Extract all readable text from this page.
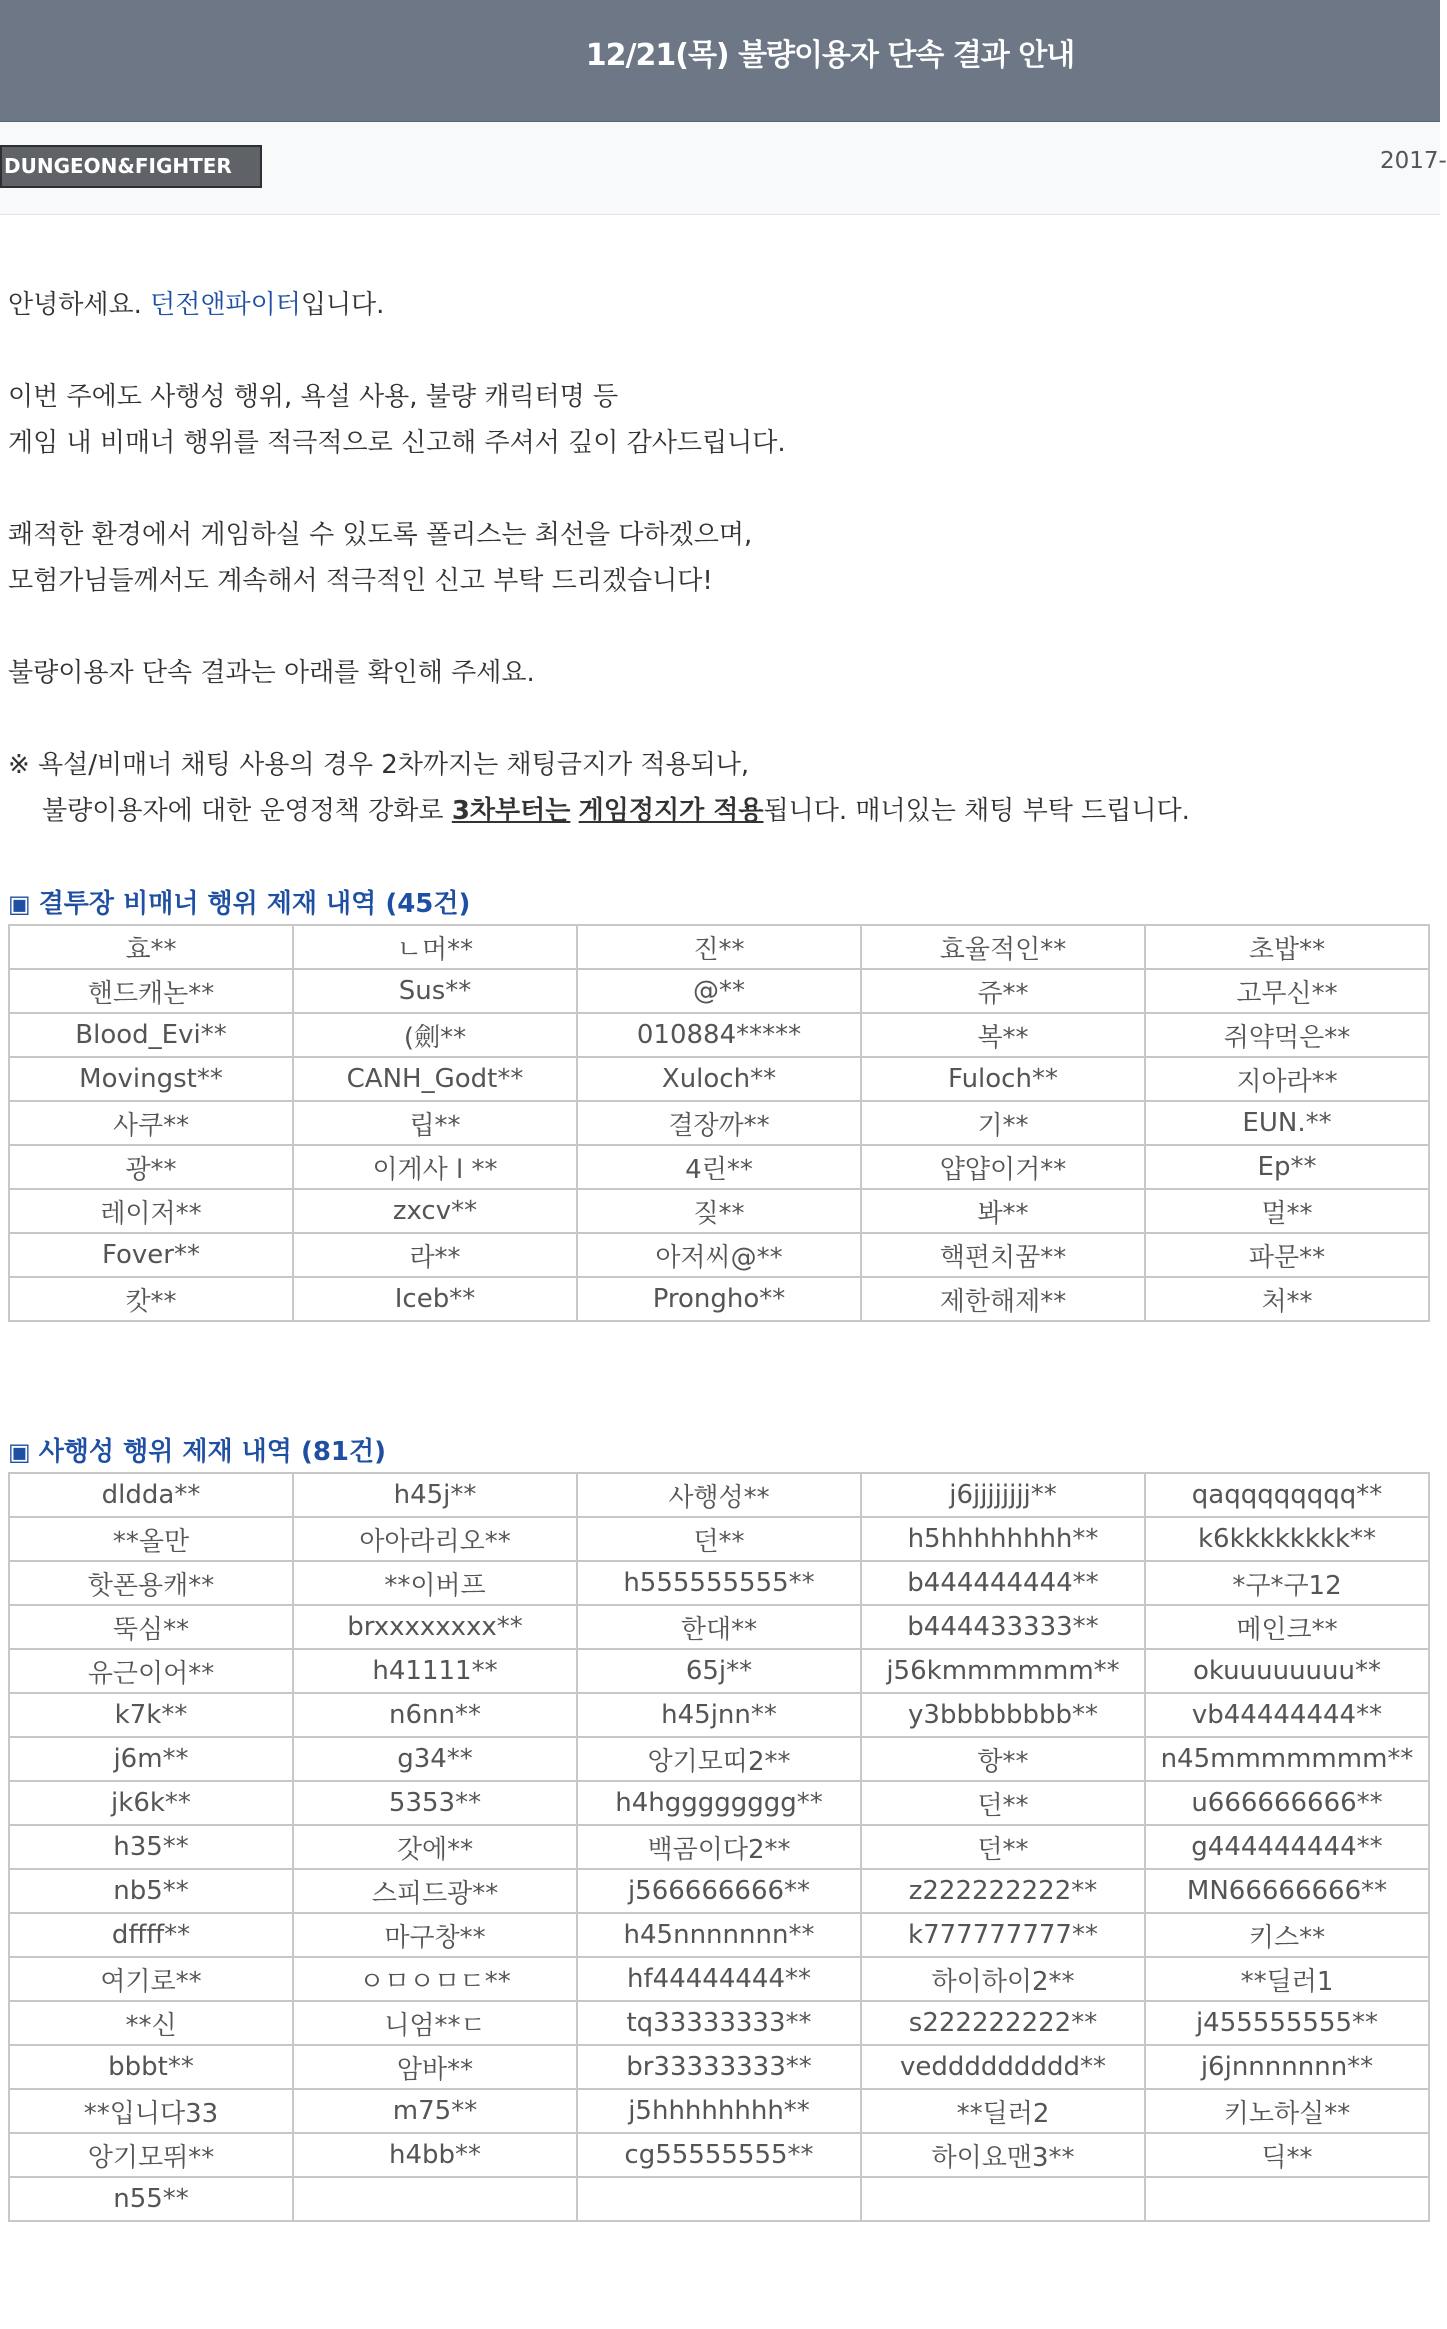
12/21(목) 불량이용자 단속 결과 안내
DUNGEON&FIGHTER	2017-

안녕하세요. 던전앤파이터입니다.

이번 주에도 사행성 행위, 욕설 사용, 불량 캐릭터명 등

게임 내 비매너 행위를 적극적으로 신고해 주셔서 깊이 감사드립니다.

쾌적한 환경에서 게임하실 수 있도록 폴리스는 최선을 다하겠으며,

모험가님들께서도 계속해서 적극적인 신고 부탁 드리겠습니다!

불량이용자 단속 결과는 아래를 확인해 주세요.

※ 욕설/비매너 채팅 사용의 경우 2차까지는 채팅금지가 적용되나,

불량이용자에 대한 운영정책 강화로 3차부터는 게임정지가 적용됩니다. 매너있는 채팅 부탁 드립니다.

▣ 결투장 비매너 행위 제재 내역 (45건)
효**	ㄴ머**	진**	효율적인**	초밥**
핸드캐논**	Sus**	@**	쥬**	고무신**
Blood_Evi**	(劍**	010884*****	복**	쥐약먹은**
Movingst**	CANH_Godt**	Xuloch**	Fuloch**	지아라**
사쿠**	립**	결장까**	기**	EUN.**
광**	이게사 l **	4린**	얍얍이거**	Ep**
레이저**	zxcv**	짖**	봐**	멀**
Fover**	라**	아저씨@**	핵편치꿈**	파문**
캇**	Iceb**	Prongho**	제한해제**	처**
▣ 사행성 행위 제재 내역 (81건)
dldda**	h45j**	사행성**	j6jjjjjjjj**	qaqqqqqqqq**
**올만	아아라리오**	던**	h5hhhhhhhh**	k6kkkkkkkk**
핫폰용캐**	**이버프	h555555555**	b444444444**	*구*구12
뚝심**	brxxxxxxxx**	한대**	b444433333**	메인크**
유근이어**	h41111**	65j**	j56kmmmmmm**	okuuuuuuuu**
k7k**	n6nn**	h45jnn**	y3bbbbbbbb**	vb44444444**
j6m**	g34**	앙기모띠2**	항**	n45mmmmmmm**
jk6k**	5353**	h4hgggggggg**	던**	u666666666**
h35**	갓에**	백곰이다2**	던**	g444444444**
nb5**	스피드광**	j566666666**	z222222222**	MN66666666**
dffff**	마구창**	h45nnnnnnn**	k777777777**	키스**
여기로**	ㅇㅁㅇㅁㄷ**	hf44444444**	하이하이2**	**딜러1
**신	니엄**ㄷ	tq33333333**	s222222222**	j455555555**
bbbt**	암바**	br33333333**	veddddddddd**	j6jnnnnnnn**
**입니다33	m75**	j5hhhhhhhh**	**딜러2	키노하실**
앙기모뛰**	h4bb**	cg55555555**	하이요맨3**	딕**
n55**				
